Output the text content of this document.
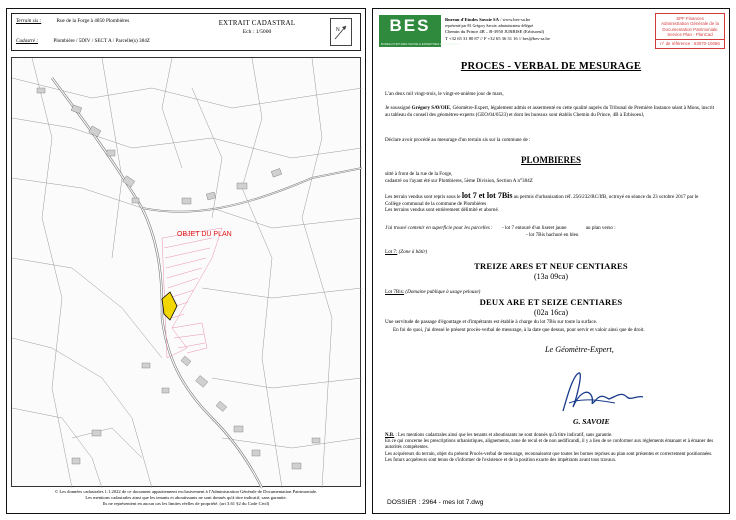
Terrain sis :	Rue de la Forge à 4850 Plombières
Cadastré :	Plombière / 5DIV / SECT A / Parcelle(s) 384Z
EXTRAIT CADASTRAL
Ech : 1/5000	N
OBJET DU PLAN
© Les données cadastrales 1.1.2022 de ce document appartiennent exclusivement à l'Administration Générale de Documentation Patrimoniale.
Les mentions cadastrales ainsi que les tenants et aboutissants ne sont donnés qu'à titre indicatif, sans garantie.
Ils ne représentent en aucun cas les limites réelles de propriété. (art 3.61 §2 du Code Civil)
BES
BUREAU D'ETUDES SAVOIE & EXPERTISES IMMOBILIERES
Bureau d'Etudes Savoie SA / www.bes-sa.be
représenté par M. Grégory Savoie, administrateur délégué
Chemin du Prince 4B – B-3950 JURBISE (Erbisoeul)
T +32 65 31 80 87 // F +32 65 36 31 16 // bes@bes-sa.be
SPF Finances
Administration Générale de la
Documentation Patrimoniale
Service Plan - PlanCad
n° de référence : 63070-10066
PROCES - VERBAL DE MESURAGE
L'an deux mil vingt-trois, le vingt-et-unième jour de mars,
Je soussigné Grégory SAVOIE, Géomètre-Expert, légalement admis et assermenté en cette qualité auprès du Tribunal de Première Instance séant à Mons, inscrit au tableau du conseil des géomètres-experts (GEO/04/0523) et dont les bureaux sont établis Chemin du Prince, 4B à Erbisoeul,
Déclare avoir procédé au mesurage d'un terrain sis sur la commune de :
PLOMBIERES
sitté à front de la rue de la Forge,
cadastré ou l'ayant été sur Plombieres, 5ème Division, Section A n°384Z
Les terrain vendus sont repris sous le lot 7 et lot 7Bis au permis d'urbanisation réf. 256/232/RC/IfB, octroyé en séance du 23 octobre 2017 par le Collège communal de la commune de Plombières
Les terrains vendus sont entièrement délimité et aborné.
J'ai trouvé contenir en superficie pour les parcelles : - lot 7 entouré d'un liseret jaune	au plan verso :
- lot 7Bis hachuré en bleu
Lot 7: (Zone à bâtir)
TREIZE ARES ET NEUF CENTIARES
(13a 09ca)
Lot 7Bis: (Domaine publique à usage pelouse)
DEUX ARE ET SEIZE CENTIARES
(02a 16ca)
Une servitude de passage d'égouttage et d'impétrants est établie à charge du lot 7Bis sur toute la surface.
En foi de quoi, j'ai dressé le présent procès-verbal de mesurage, à la date que dessus, pour servir et valoir ainsi que de droit.
Le Géomètre-Expert,
G. SAVOIE
N.B. : Les mentions cadastrales ainsi que les tenants et aboutissants ne sont donnés qu'à titre indicatif, sans garantie.
En ce qui concerne les prescriptions urbanistiques, alignements, zone de recul et de non aedificandi, il y a lieu de se conformer aux règlements émanant et à émaner des autorités compétentes.
Les acquéreurs du terrain, objet du présent Procès-verbal de mesurage, reconnaissent que toutes les bornes reprises au plan sont présentes et correctement positionnées.
Les futurs acquéreurs sont tenus de s'informer de l'existence et de la position exacte des impétrants avant tous travaux.
DOSSIER : 2964 - mes lot 7.dwg
